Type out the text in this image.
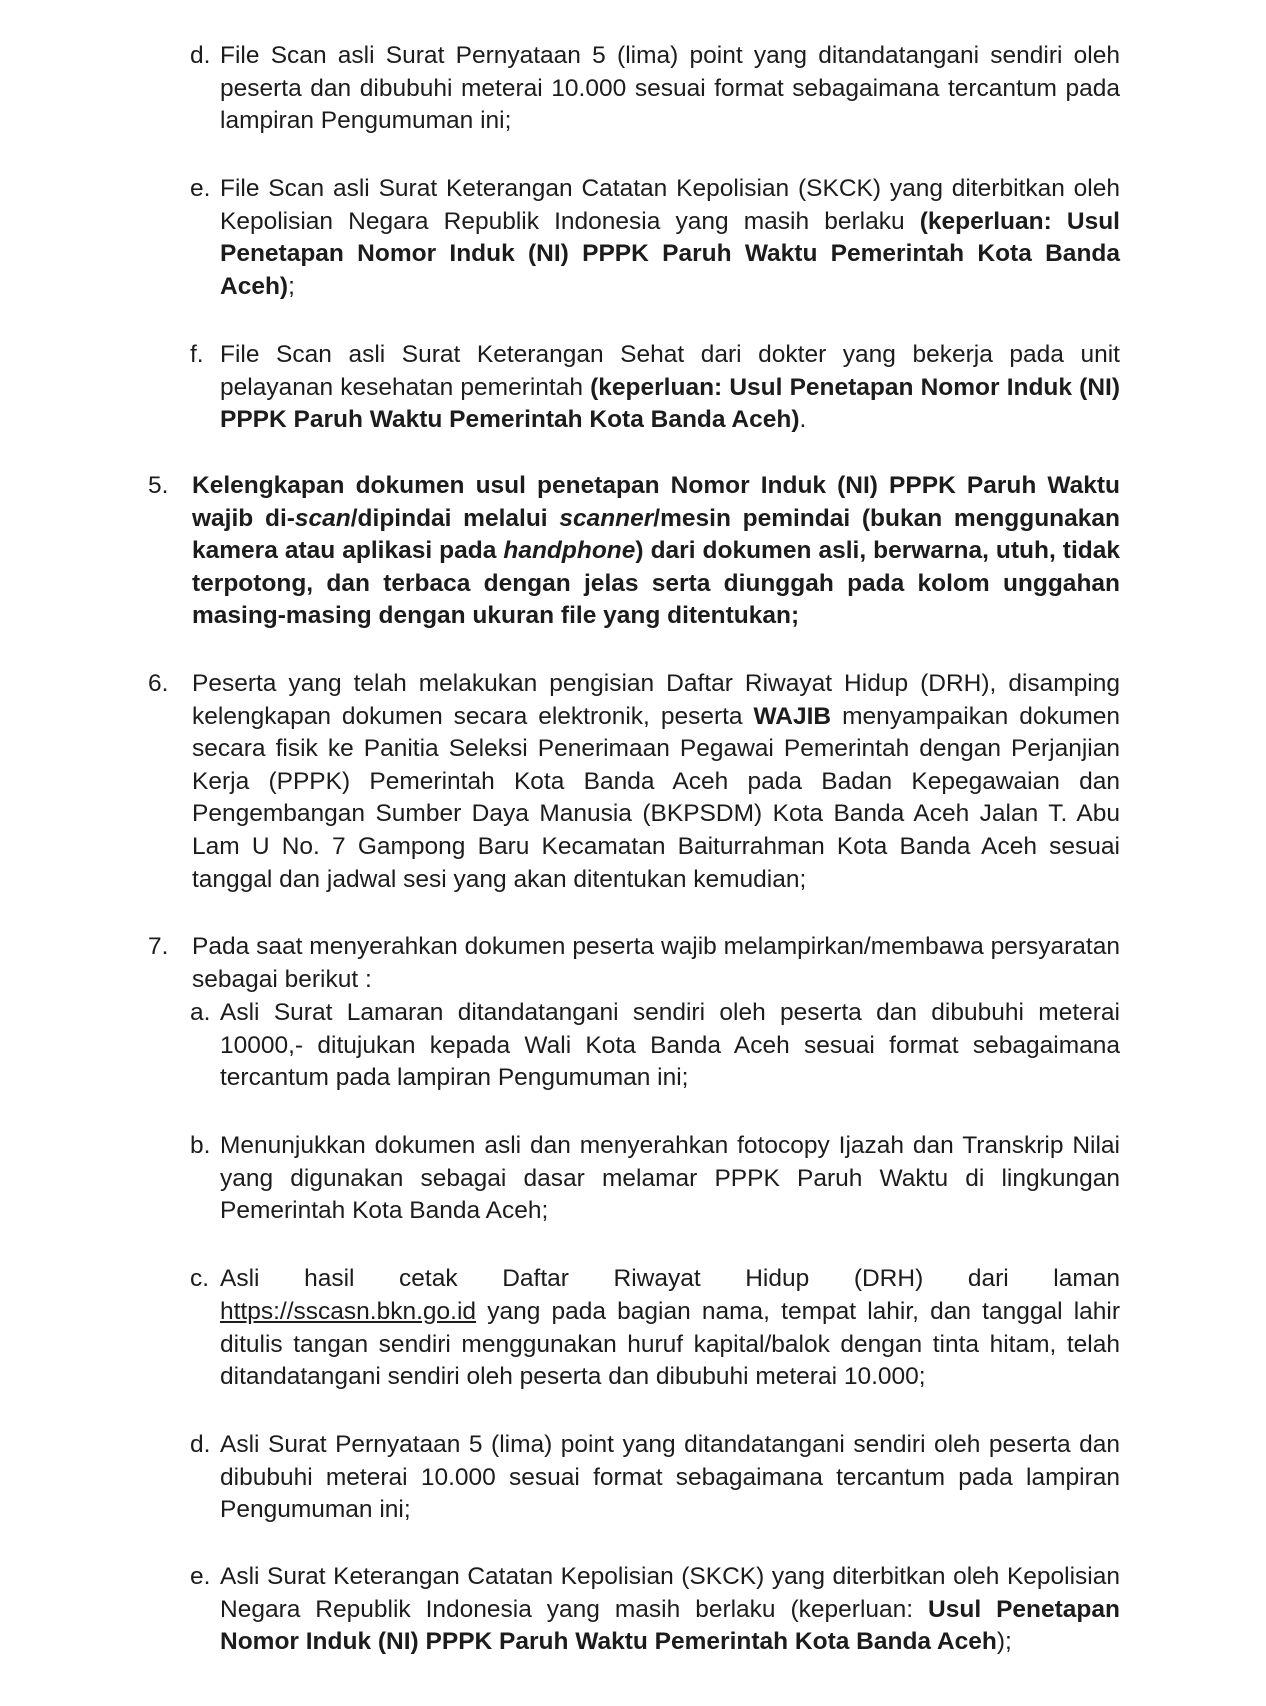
d. File Scan asli Surat Pernyataan 5 (lima) point yang ditandatangani sendiri oleh peserta dan dibubuhi meterai 10.000 sesuai format sebagaimana tercantum pada lampiran Pengumuman ini;
e. File Scan asli Surat Keterangan Catatan Kepolisian (SKCK) yang diterbitkan oleh Kepolisian Negara Republik Indonesia yang masih berlaku (keperluan: Usul Penetapan Nomor Induk (NI) PPPK Paruh Waktu Pemerintah Kota Banda Aceh);
f. File Scan asli Surat Keterangan Sehat dari dokter yang bekerja pada unit pelayanan kesehatan pemerintah (keperluan: Usul Penetapan Nomor Induk (NI) PPPK Paruh Waktu Pemerintah Kota Banda Aceh).
5. Kelengkapan dokumen usul penetapan Nomor Induk (NI) PPPK Paruh Waktu wajib di-scan/dipindai melalui scanner/mesin pemindai (bukan menggunakan kamera atau aplikasi pada handphone) dari dokumen asli, berwarna, utuh, tidak terpotong, dan terbaca dengan jelas serta diunggah pada kolom unggahan masing-masing dengan ukuran file yang ditentukan;
6. Peserta yang telah melakukan pengisian Daftar Riwayat Hidup (DRH), disamping kelengkapan dokumen secara elektronik, peserta WAJIB menyampaikan dokumen secara fisik ke Panitia Seleksi Penerimaan Pegawai Pemerintah dengan Perjanjian Kerja (PPPK) Pemerintah Kota Banda Aceh pada Badan Kepegawaian dan Pengembangan Sumber Daya Manusia (BKPSDM) Kota Banda Aceh Jalan T. Abu Lam U No. 7 Gampong Baru Kecamatan Baiturrahman Kota Banda Aceh sesuai tanggal dan jadwal sesi yang akan ditentukan kemudian;
7. Pada saat menyerahkan dokumen peserta wajib melampirkan/membawa persyaratan sebagai berikut :
a. Asli Surat Lamaran ditandatangani sendiri oleh peserta dan dibubuhi meterai 10000,- ditujukan kepada Wali Kota Banda Aceh sesuai format sebagaimana tercantum pada lampiran Pengumuman ini;
b. Menunjukkan dokumen asli dan menyerahkan fotocopy Ijazah dan Transkrip Nilai yang digunakan sebagai dasar melamar PPPK Paruh Waktu di lingkungan Pemerintah Kota Banda Aceh;
c. Asli hasil cetak Daftar Riwayat Hidup (DRH) dari laman
https://sscasn.bkn.go.id yang pada bagian nama, tempat lahir, dan tanggal lahir ditulis tangan sendiri menggunakan huruf kapital/balok dengan tinta hitam, telah ditandatangani sendiri oleh peserta dan dibubuhi meterai 10.000;
d. Asli Surat Pernyataan 5 (lima) point yang ditandatangani sendiri oleh peserta dan dibubuhi meterai 10.000 sesuai format sebagaimana tercantum pada lampiran Pengumuman ini;
e. Asli Surat Keterangan Catatan Kepolisian (SKCK) yang diterbitkan oleh Kepolisian Negara Republik Indonesia yang masih berlaku (keperluan: Usul Penetapan Nomor Induk (NI) PPPK Paruh Waktu Pemerintah Kota Banda Aceh);
